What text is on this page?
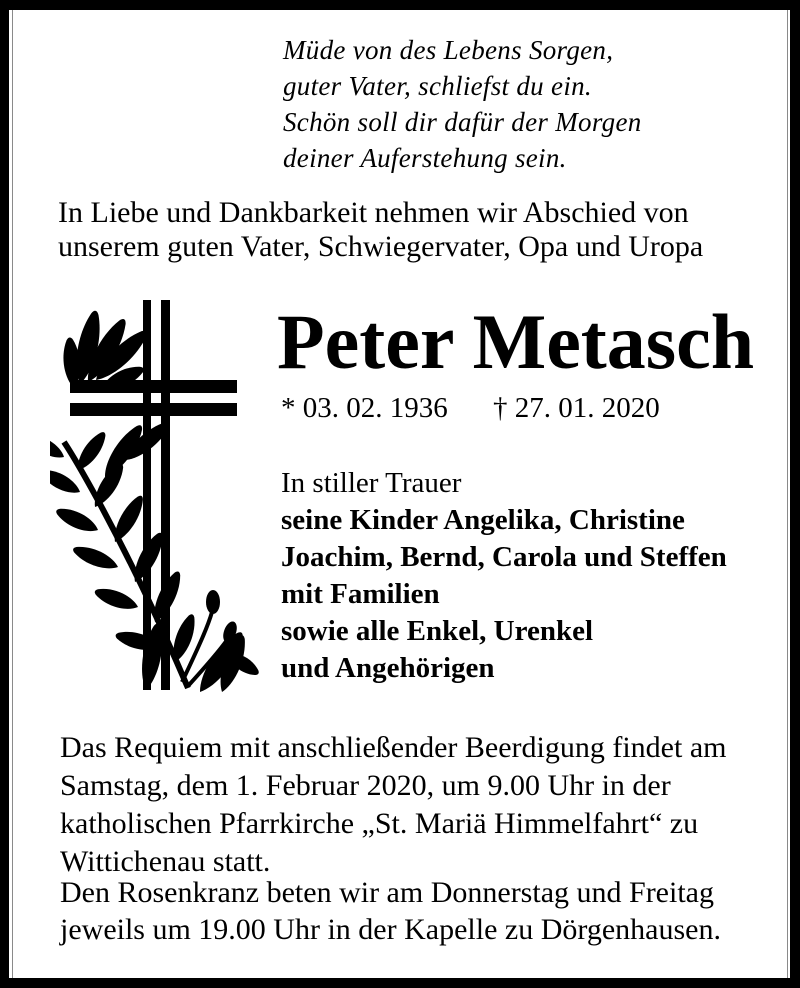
Müde von des Lebens Sorgen,
guter Vater, schliefst du ein.
Schön soll dir dafür der Morgen
deiner Auferstehung sein.
In Liebe und Dankbarkeit nehmen wir Abschied von
unserem guten Vater, Schwiegervater, Opa und Uropa
Peter Metasch
* 03. 02. 1936 † 27. 01. 2020
In stiller Trauer
seine Kinder Angelika, Christine
Joachim, Bernd, Carola und Steffen
mit Familien
sowie alle Enkel, Urenkel
und Angehörigen
Das Requiem mit anschließender Beerdigung findet am
Samstag, dem 1. Februar 2020, um 9.00 Uhr in der
katholischen Pfarrkirche „St. Mariä Himmelfahrt“ zu
Wittichenau statt.
Den Rosenkranz beten wir am Donnerstag und Freitag
jeweils um 19.00 Uhr in der Kapelle zu Dörgenhausen.
